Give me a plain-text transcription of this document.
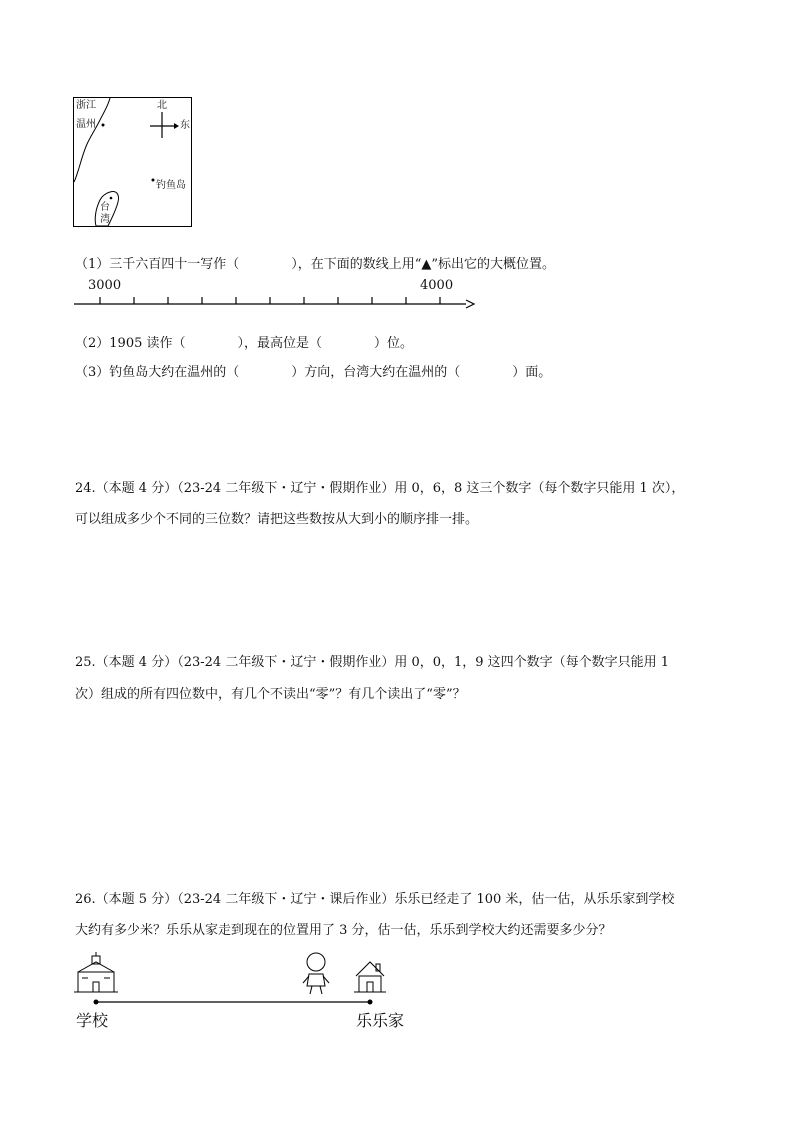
浙江
温州
北
东
钓鱼岛
台
湾
（1）三千六百四十一写作（　　　　），在下面的数线上用“▲”标出它的大概位置。
3000	4000
（2）1905 读作（　　　　），最高位是（　　　　）位。
（3）钓鱼岛大约在温州的（　　　　）方向，台湾大约在温州的（　　　　）面。
24.（本题 4 分）（23-24 二年级下・辽宁・假期作业）用 0，6，8 这三个数字（每个数字只能用 1 次），
可以组成多少个不同的三位数？请把这些数按从大到小的顺序排一排。
25.（本题 4 分）（23-24 二年级下・辽宁・假期作业）用 0，0，1，9 这四个数字（每个数字只能用 1
次）组成的所有四位数中，有几个不读出“零”？有几个读出了“零”？
26.（本题 5 分）（23-24 二年级下・辽宁・课后作业）乐乐已经走了 100 米，估一估，从乐乐家到学校
大约有多少米？乐乐从家走到现在的位置用了 3 分，估一估，乐乐到学校大约还需要多少分？
学校	乐乐家
